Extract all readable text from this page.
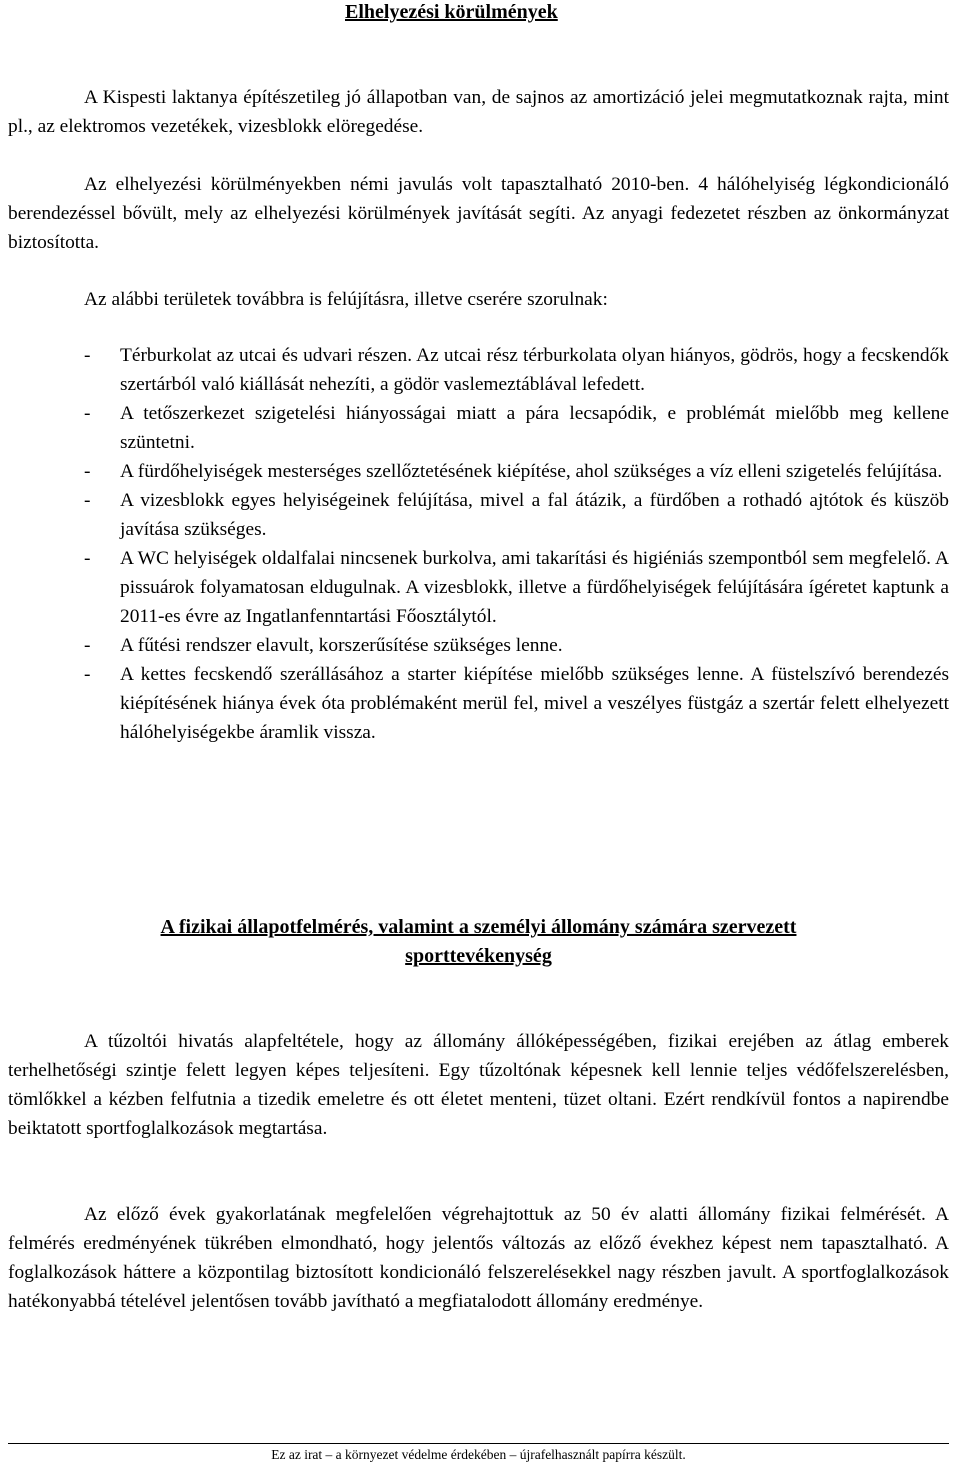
Elhelyezési körülmények

A Kispesti laktanya építészetileg jó állapotban van, de sajnos az amortizáció jelei megmutatkoznak rajta, mint pl., az elektromos vezetékek, vizesblokk elöregedése.

Az elhelyezési körülményekben némi javulás volt tapasztalható 2010-ben. 4 hálóhelyiség légkondicionáló berendezéssel bővült, mely az elhelyezési körülmények javítását segíti. Az anyagi fedezetet részben az önkormányzat biztosította.

Az alábbi területek továbbra is felújításra, illetve cserére szorulnak:

- Térburkolat az utcai és udvari részen. Az utcai rész térburkolata olyan hiányos, gödrös, hogy a fecskendők szertárból való kiállását nehezíti, a gödör vaslemeztáblával lefedett.
- A tetőszerkezet szigetelési hiányosságai miatt a pára lecsapódik, e problémát mielőbb meg kellene szüntetni.
- A fürdőhelyiségek mesterséges szellőztetésének kiépítése, ahol szükséges a víz elleni szigetelés felújítása.
- A vizesblokk egyes helyiségeinek felújítása, mivel a fal átázik, a fürdőben a rothadó ajtótok és küszöb javítása szükséges.
- A WC helyiségek oldalfalai nincsenek burkolva, ami takarítási és higiéniás szempontból sem megfelelő. A pissuárok folyamatosan eldugulnak. A vizesblokk, illetve a fürdőhelyiségek felújítására ígéretet kaptunk a 2011-es évre az Ingatlanfenntartási Főosztálytól.
- A fűtési rendszer elavult, korszerűsítése szükséges lenne.
- A kettes fecskendő szerállásához a starter kiépítése mielőbb szükséges lenne. A füstelszívó berendezés kiépítésének hiánya évek óta problémaként merül fel, mivel a veszélyes füstgáz a szertár felett elhelyezett hálóhelyiségekbe áramlik vissza.
A fizikai állapotfelmérés, valamint a személyi állomány számára szervezett
sporttevékenység

A tűzoltói hivatás alapfeltétele, hogy az állomány állóképességében, fizikai erejében az átlag emberek terhelhetőségi szintje felett legyen képes teljesíteni. Egy tűzoltónak képesnek kell lennie teljes védőfelszerelésben, tömlőkkel a kézben felfutnia a tizedik emeletre és ott életet menteni, tüzet oltani. Ezért rendkívül fontos a napirendbe beiktatott sportfoglalkozások megtartása.

Az előző évek gyakorlatának megfelelően végrehajtottuk az 50 év alatti állomány fizikai felmérését. A felmérés eredményének tükrében elmondható, hogy jelentős változás az előző évekhez képest nem tapasztalható. A foglalkozások háttere a központilag biztosított kondicionáló felszerelésekkel nagy részben javult. A sportfoglalkozások hatékonyabbá tételével jelentősen tovább javítható a megfiatalodott állomány eredménye.

Ez az irat – a környezet védelme érdekében – újrafelhasznált papírra készült.
